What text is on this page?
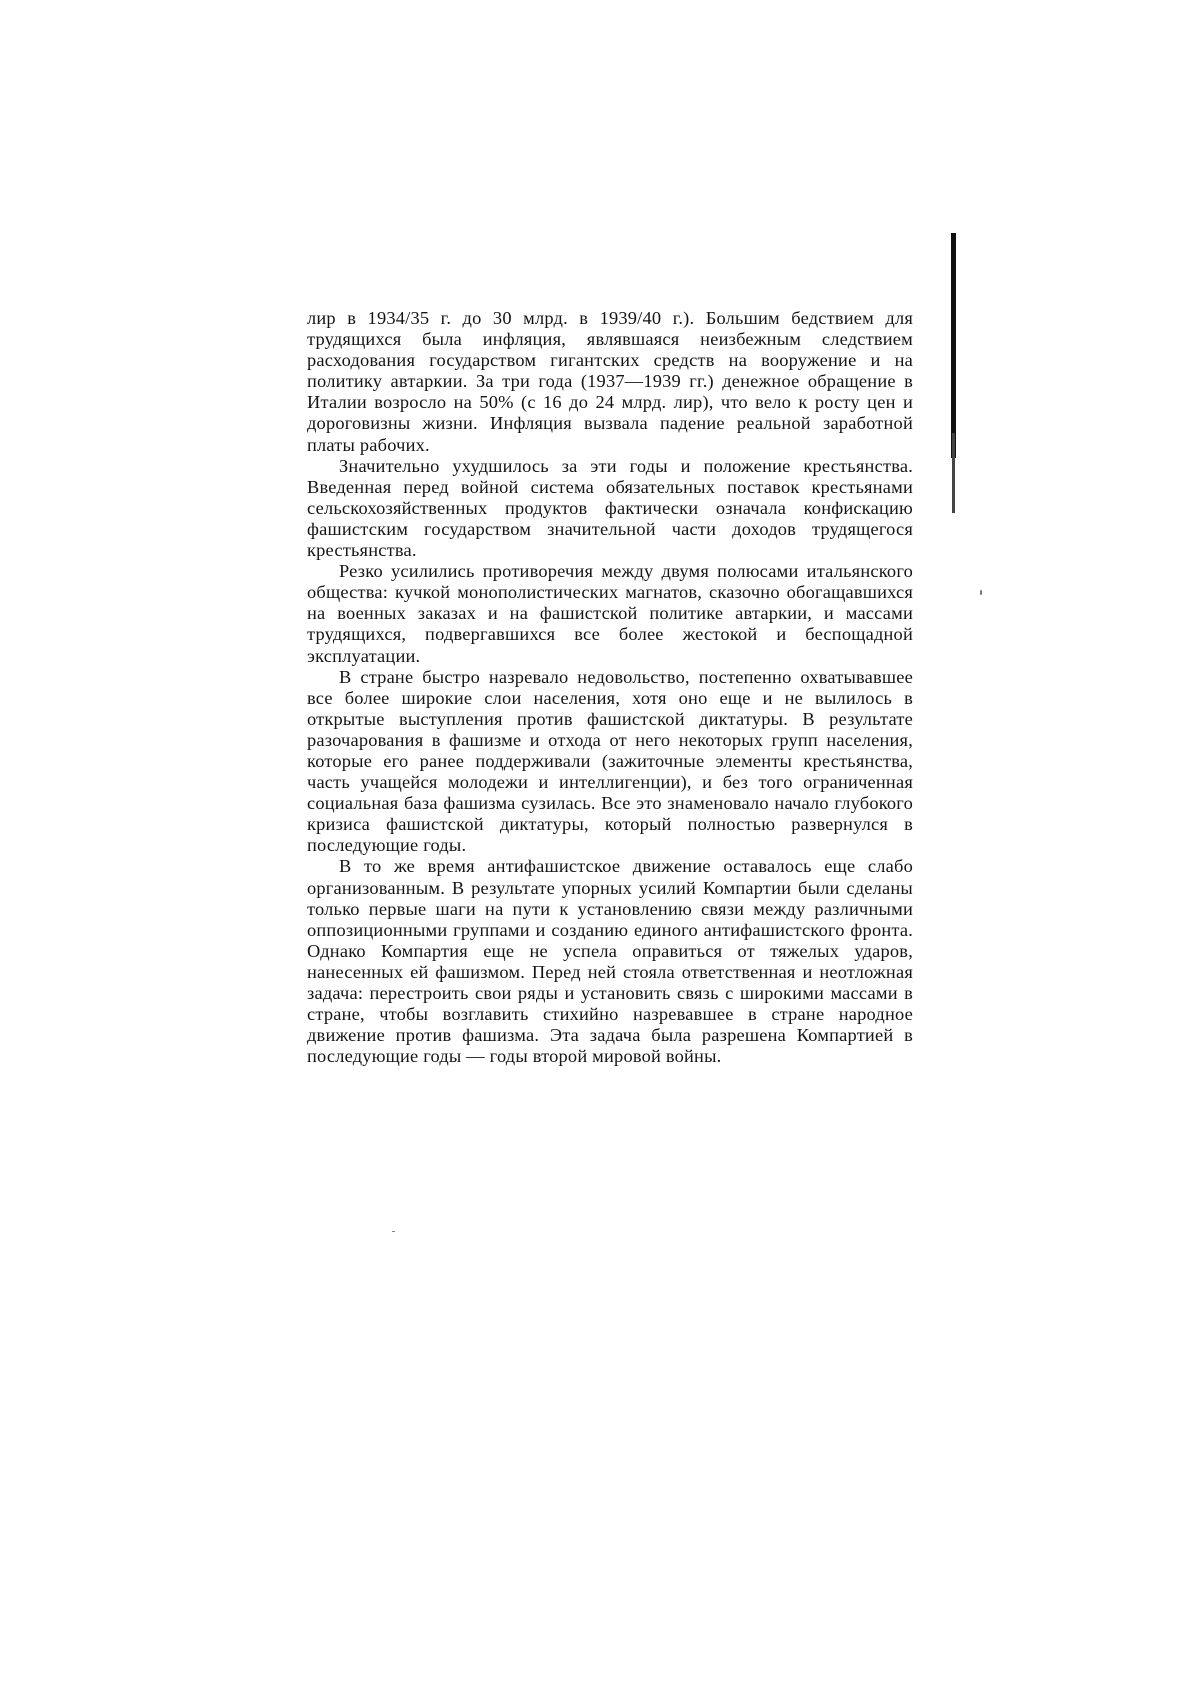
лир в 1934/35 г. до 30 млрд. в 1939/40 г.). Большим бедствием для трудящихся была инфляция, являвшаяся неизбежным следствием расходования государством гигантских средств на вооружение и на политику автаркии. За три года (1937—1939 гг.) денежное обращение в Италии возросло на 50% (с 16 до 24 млрд. лир), что вело к росту цен и дороговизны жизни. Инфляция вызвала падение реальной заработной платы рабочих.

Значительно ухудшилось за эти годы и положение крестьянства. Введенная перед войной система обязательных поставок крестьянами сельскохозяйственных продуктов фактически означала конфискацию фашистским государством значительной части доходов трудящегося крестьянства.

Резко усилились противоречия между двумя полюсами итальянского общества: кучкой монополистических магнатов, сказочно обогащавшихся на военных заказах и на фашистской политике автаркии, и массами трудящихся, подвергавшихся все более жестокой и беспощадной эксплуатации.

В стране быстро назревало недовольство, постепенно охватывавшее все более широкие слои населения, хотя оно еще и не вылилось в открытые выступления против фашистской диктатуры. В результате разочарования в фашизме и отхода от него некоторых групп населения, которые его ранее поддерживали (зажиточные элементы крестьянства, часть учащейся молодежи и интеллигенции), и без того ограниченная социальная база фашизма сузилась. Все это знаменовало начало глубокого кризиса фашистской диктатуры, который полностью развернулся в последующие годы.

В то же время антифашистское движение оставалось еще слабо организованным. В результате упорных усилий Компартии были сделаны только первые шаги на пути к установлению связи между различными оппозиционными группами и созданию единого антифашистского фронта. Однако Компартия еще не успела оправиться от тяжелых ударов, нанесенных ей фашизмом. Перед ней стояла ответственная и неотложная задача: перестроить свои ряды и установить связь с широкими массами в стране, чтобы возглавить стихийно назревавшее в стране народное движение против фашизма. Эта задача была разрешена Компартией в последующие годы — годы второй мировой войны.
